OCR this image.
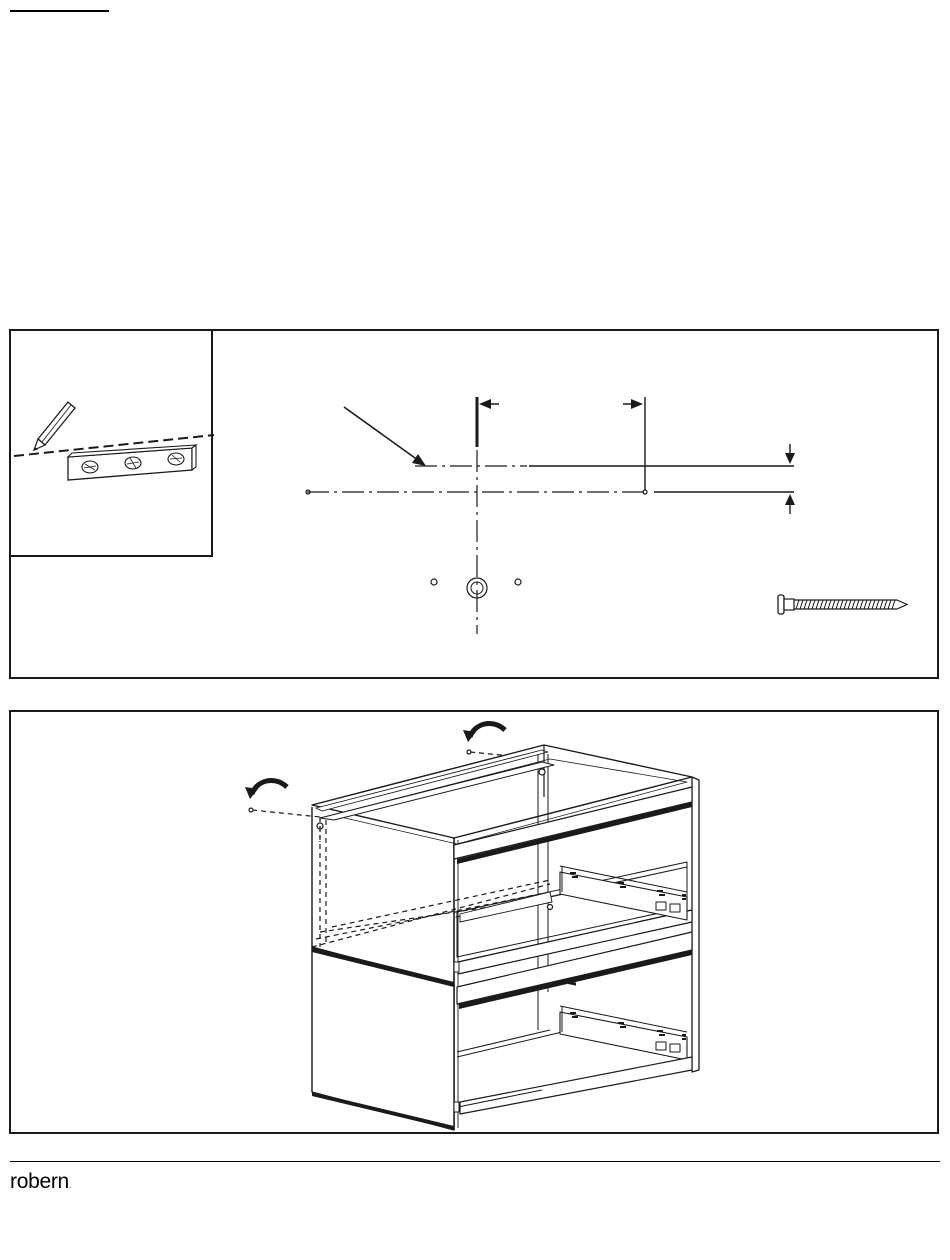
robern.
